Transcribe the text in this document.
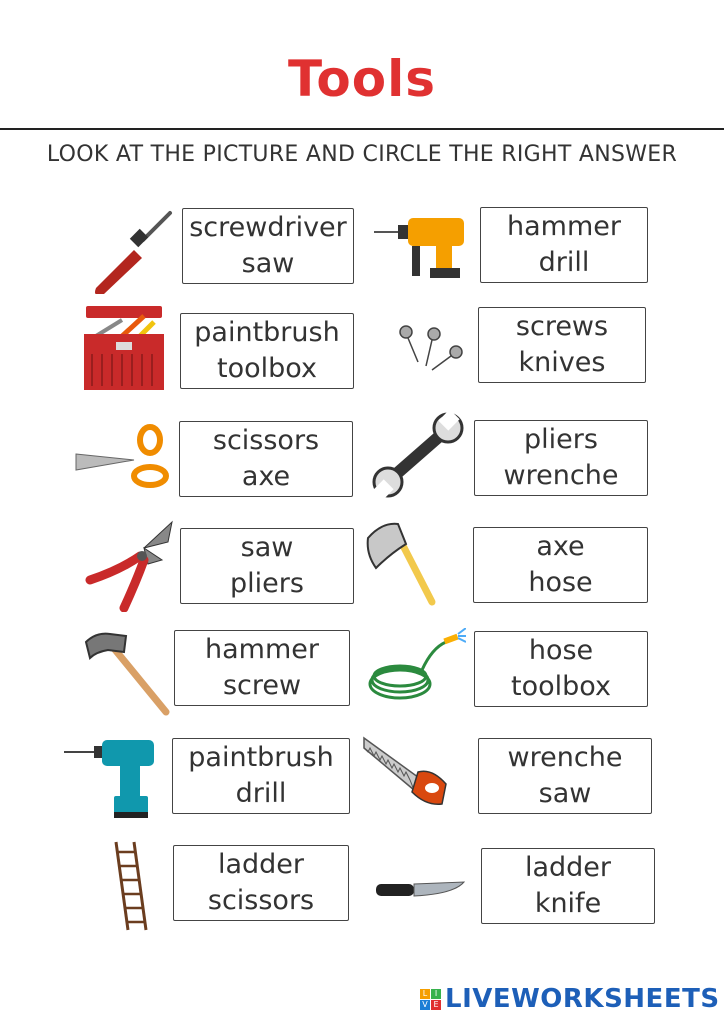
Tools
LOOK AT THE PICTURE AND CIRCLE THE RIGHT ANSWER
screwdriver
saw
hammer
drill
paintbrush
toolbox
screws
knives
scissors
axe
pliers
wrenche
saw
pliers
axe
hose
hammer
screw
hose
toolbox
paintbrush
drill
wrenche
saw
ladder
scissors
ladder
knife
L I
V E LIVEWORKSHEETS
